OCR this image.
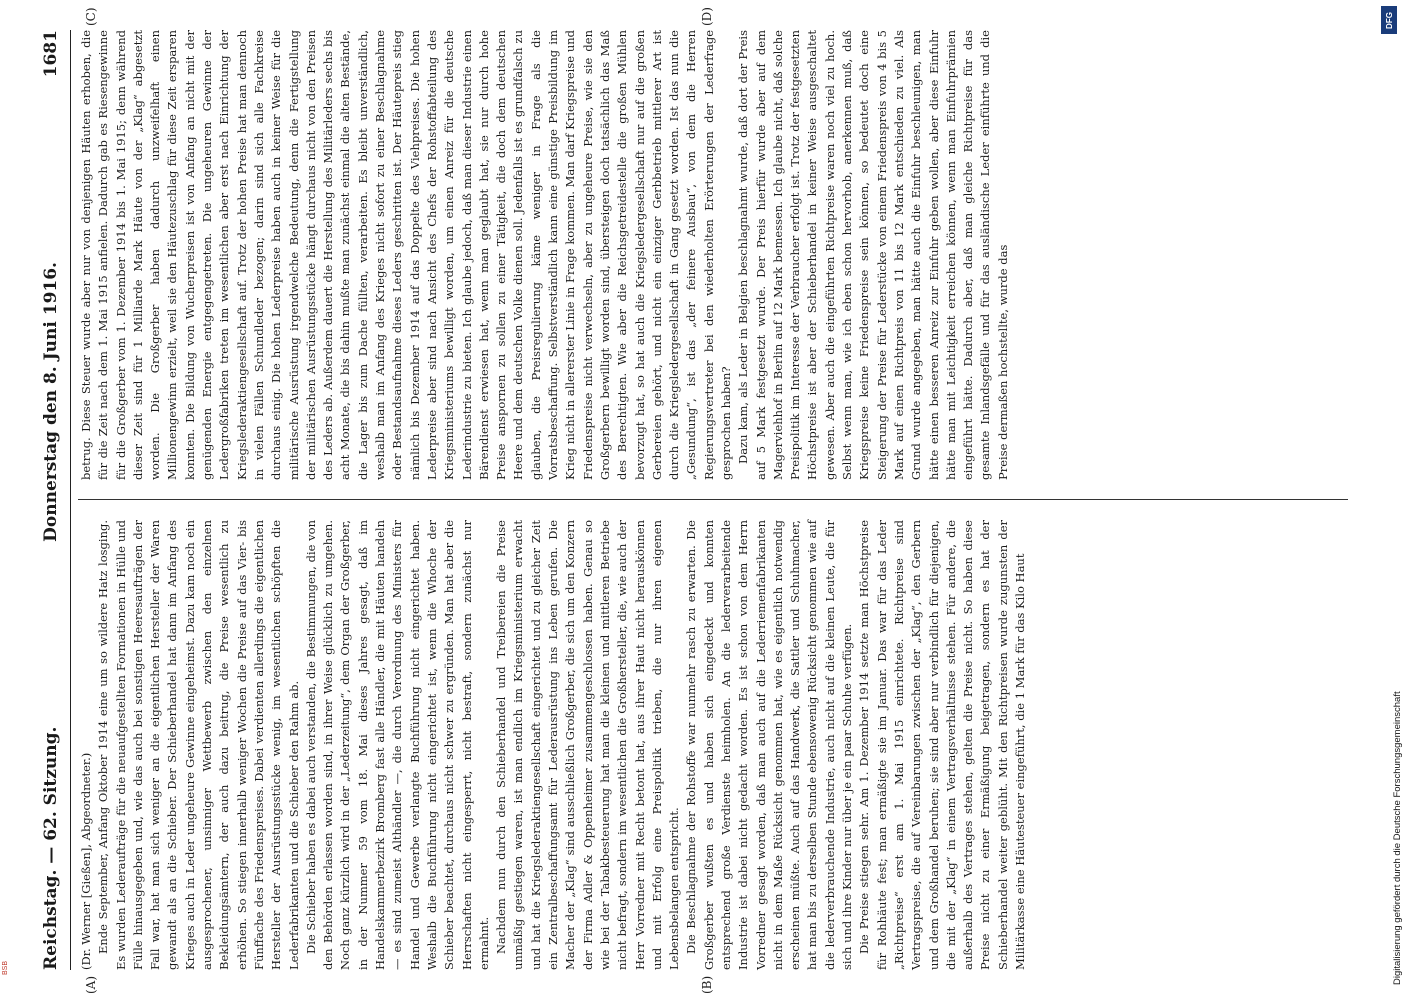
Reichstag. — 62. Sitzung.
Donnerstag den 8. Juni 1916.
1681

(Dr. Werner [Gießen], Abgeordneter.) Ende September, Anfang Oktober 1914 eine um so wildere Hatz losging. Es wurden Lederaufträge für die neuaufgestellten Formationen in Hülle und Fülle hinausgegeben und, wie das auch bei sonstigen Heeresaufträgen der Fall war, hat man sich weniger an die eigentlichen Hersteller der Waren gewandt als an die Schieber. Der Schieberhandel hat dann im Anfang des Krieges auch in Leder ungeheure Gewinne eingeheimst. Dazu kam noch ein ausgesprochener, unsinniger Wettbewerb zwischen den einzelnen Bekleidungsämtern, der auch dazu beitrug, die Preise wesentlich zu erhöhen. So stiegen innerhalb weniger Wochen die Preise auf das Vier- bis Fünffache des Friedenspreises. Dabei verdienten allerdings die eigentlichen Hersteller der Ausrüstungsstücke wenig, im wesentlichen schöpften die Lederfabrikanten und die Schieber den Rahm ab. Die Schieber haben es dabei auch verstanden, die Bestimmungen, die von den Behörden erlassen worden sind, in ihrer Weise glücklich zu umgehen. Noch ganz kürzlich wird in der „Lederzeitung“, dem Organ der Großgerber, in der Nummer 59 vom 18. Mai dieses Jahres gesagt, daß im Handelskammerbezirk Bromberg fast alle Händler, die mit Häuten handeln — es sind zumeist Althändler —, die durch Verordnung des Ministers für Handel und Gewerbe verlangte Buchführung nicht eingerichtet haben. Weshalb die Buchführung nicht eingerichtet ist, wenn die Whoche der Schieber beachtet, durchaus nicht schwer zu ergründen. Man hat aber die Herrschaften nicht eingesperrt, nicht bestraft, sondern zunächst nur ermahnt. Nachdem nun durch den Schieberhandel und Treibereien die Preise unmäßig gestiegen waren, ist man endlich im Kriegsministerium erwacht und hat die Kriegslederaktiengesellschaft eingerichtet und zu gleicher Zeit ein Zentralbeschaffungsamt für Lederausrüstung ins Leben gerufen. Die Macher der „Klag“ sind ausschließlich Großgerber, die sich um den Konzern der Firma Adler & Oppenheimer zusammengeschlossen haben. Genau so wie bei der Tabakbesteuerung hat man die kleinen und mittleren Betriebe nicht befragt, sondern im wesentlichen die Großhersteller, die, wie auch der Herr Vorredner mit Recht betont hat, aus ihrer Haut nicht herauskönnen und mit Erfolg eine Preispolitik trieben, die nur ihren eigenen Lebensbelangen entspricht. Die Beschlagnahme der Rohstoffe war nunmehr rasch zu erwarten. Die Großgerber wußten es und haben sich eingedeckt und konnten entsprechend große Verdienste heimholen. An die lederverarbeitende Industrie ist dabei nicht gedacht worden. Es ist schon von dem Herrn Vorredner gesagt worden, daß man auch auf die Lederriemenfabrikanten nicht in dem Maße Rücksicht genommen hat, wie es eigentlich notwendig erscheinen müßte. Auch auf das Handwerk, die Sattler und Schuhmacher, hat man bis zu derselben Stunde ebensowenig Rücksicht genommen wie auf die lederverbrauchende Industrie, auch nicht auf die kleinen Leute, die für sich und ihre Kinder nur über je ein paar Schuhe verfügen. Die Preise stiegen sehr. Am 1. Dezember 1914 setzte man Höchstpreise für Rohhäute fest; man ermäßigte sie im Januar. Das war für das Leder „Richtpreise“ erst am 1. Mai 1915 einrichtete. Richtpreise sind Vertragspreise, die auf Vereinbarungen zwischen der „Klag“, den Gerbern und dem Großhandel beruhen; sie sind aber nur verbindlich für diejenigen, die mit der „Klag“ in einem Vertragsverhältnisse stehen. Für andere, die außerhalb des Vertrages stehen, gelten die Preise nicht. So haben diese Preise nicht zu einer Ermäßigung beigetragen, sondern es hat der Schieberhandel weiter geblüht. Mit den Richtpreisen wurde zugunsten der Militärkasse eine Häutesteuer eingeführt, die 1 Mark für das Kilo Haut

betrug. Diese Steuer wurde aber nur von denjenigen Häuten erhoben, die für die Zeit nach dem 1. Mai 1915 anfielen. Dadurch gab es Riesengewinne für die Großgerber vom 1. Dezember 1914 bis 1. Mai 1915; denn während dieser Zeit sind für 1 Milliarde Mark Häute von der „Klag“ abgesetzt worden. Die Großgerber haben dadurch unzweifelhaft einen Millionengewinn erzielt, weil sie den Häutezuschlag für diese Zeit ersparen konnten. Die Bildung von Wucherpreisen ist von Anfang an nicht mit der genügenden Energie entgegengetreten. Die ungeheuren Gewinne der Ledergroßfabriken treten im wesentlichen aber erst nach Einrichtung der Kriegslederaktiengesellschaft auf. Trotz der hohen Preise hat man dennoch in vielen Fällen Schundleder bezogen; darin sind sich alle Fachkreise durchaus einig. Die hohen Lederpreise haben auch in keiner Weise für die militärische Ausrüstung irgendwelche Bedeutung, denn die Fertigstellung der militärischen Ausrüstungsstücke hängt durchaus nicht von den Preisen des Leders ab. Außerdem dauert die Herstellung des Militärleders sechs bis acht Monate, die bis dahin mußte man zunächst einmal die alten Bestände, die Lager bis zum Dache füllten, verarbeiten. Es bleibt unverständlich, weshalb man im Anfang des Krieges nicht sofort zu einer Beschlagnahme oder Bestandsaufnahme dieses Leders geschritten ist. Der Häutepreis stieg nämlich bis Dezember 1914 auf das Doppelte des Viehpreises. Die hohen Lederpreise aber sind nach Ansicht des Chefs der Rohstoffabteilung des Kriegsministeriums bewilligt worden, um einen Anreiz für die deutsche Lederindustrie zu bieten. Ich glaube jedoch, daß man dieser Industrie einen Bärendienst erwiesen hat, wenn man geglaubt hat, sie nur durch hohe Preise anspornen zu sollen zu einer Tätigkeit, die doch dem deutschen Heere und dem deutschen Volke dienen soll. Jedenfalls ist es grundfalsch zu glauben, die Preisregulierung käme weniger in Frage als die Vorratsbeschaffung. Selbstverständlich kann eine günstige Preisbildung im Krieg nicht in allererster Linie in Frage kommen. Man darf Kriegspreise und Friedenspreise nicht verwechseln, aber zu ungeheure Preise, wie sie den Großgerbern bewilligt worden sind, übersteigen doch tatsächlich das Maß des Berechtigten. Wie aber die Reichsgetreidestelle die großen Mühlen bevorzugt hat, so hat auch die Kriegsledergesellschaft nur auf die großen Gerbereien gehört, und nicht ein einziger Gerbbetrieb mittlerer Art ist durch die Kriegsledergesellschaft in Gang gesetzt worden. Ist das nun die „Gesundung“, ist das „der feinere Ausbau“, von dem die Herren Regierungsvertreter bei den wiederholten Erörterungen der Lederfrage gesprochen haben? Dazu kam, als Leder in Belgien beschlagnahmt wurde, daß dort der Preis auf 5 Mark festgesetzt wurde. Der Preis hierfür wurde aber auf dem Magerviehhof in Berlin auf 12 Mark bemessen. Ich glaube nicht, daß solche Preispolitik im Interesse der Verbraucher erfolgt ist. Trotz der festgesetzten Höchstpreise ist aber der Schieberhandel in keiner Weise ausgeschaltet gewesen. Aber auch die eingeführten Richtpreise waren noch viel zu hoch. Selbst wenn man, wie ich eben schon hervorhob, anerkennen muß, daß Kriegspreise keine Friedenspreise sein können, so bedeutet doch eine Steigerung der Preise für Lederstücke von einem Friedenspreis von 4 bis 5 Mark auf einen Richtpreis von 11 bis 12 Mark entschieden zu viel. Als Grund wurde angegeben, man hätte auch die Einfuhr beschleunigen, man hätte einen besseren Anreiz zur Einfuhr geben wollen, aber diese Einfuhr hätte man mit Leichtigkeit erreichen können, wenn man Einfuhrprämien eingeführt hätte. Dadurch aber, daß man gleiche Richtpreise für das gesamte Inlandsgefälle und für das ausländische Leder einführte und die Preise dermaßen hochstellte, wurde das

(A)	(B)
(C)	(D)	DFG
Digitalisierung gefördert durch die Deutsche Forschungsgemeinschaft
BSB
